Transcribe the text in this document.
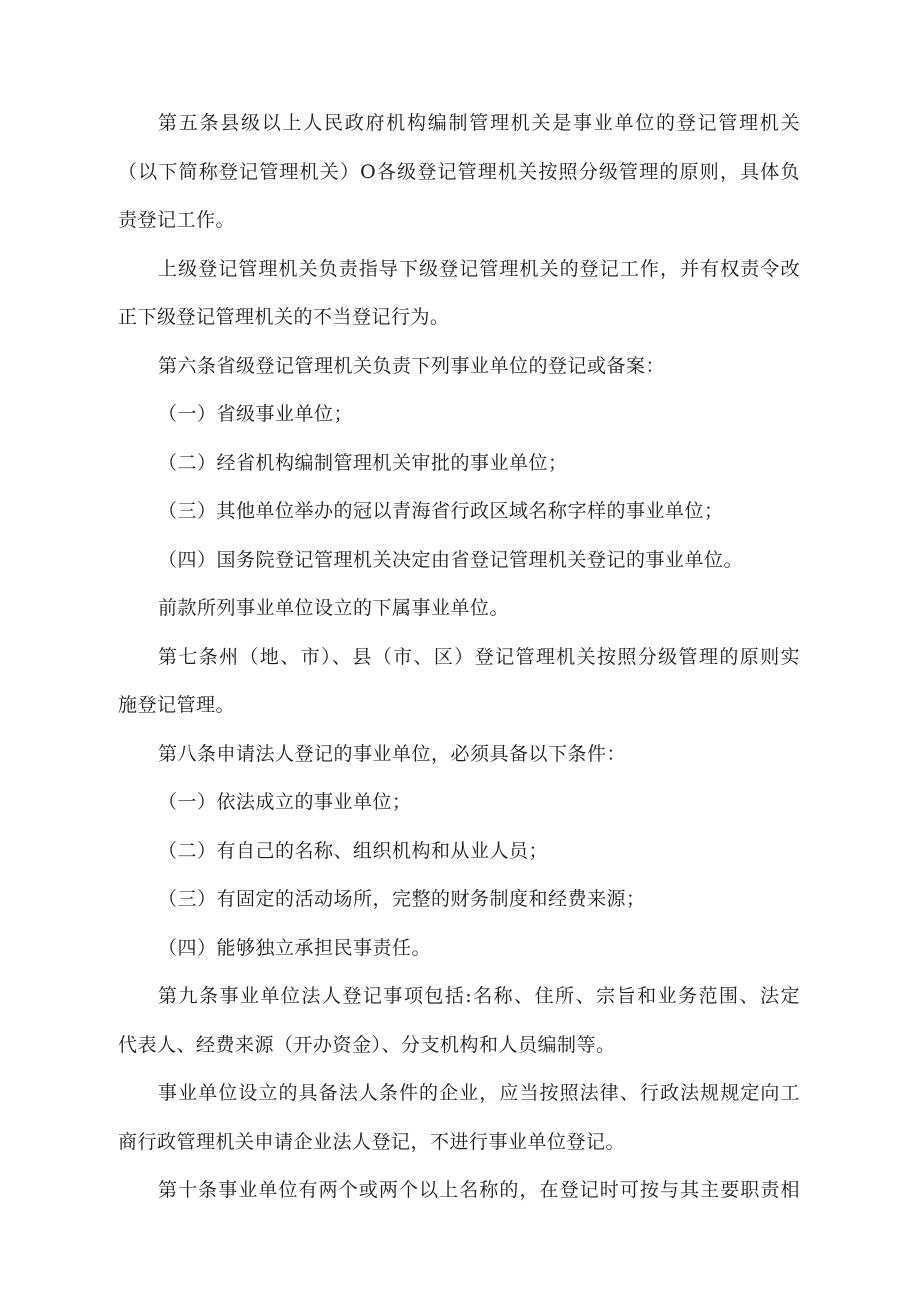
第五条县级以上人民政府机构编制管理机关是事业单位的登记管理机关
（以下简称登记管理机关）O各级登记管理机关按照分级管理的原则，具体负
责登记工作。
上级登记管理机关负责指导下级登记管理机关的登记工作，并有权责令改
正下级登记管理机关的不当登记行为。
第六条省级登记管理机关负责下列事业单位的登记或备案：
（一）省级事业单位；
（二）经省机构编制管理机关审批的事业单位；
（三）其他单位举办的冠以青海省行政区域名称字样的事业单位；
（四）国务院登记管理机关决定由省登记管理机关登记的事业单位。
前款所列事业单位设立的下属事业单位。
第七条州（地、市）、县（市、区）登记管理机关按照分级管理的原则实
施登记管理。
第八条申请法人登记的事业单位，必须具备以下条件：
（一）依法成立的事业单位；
（二）有自己的名称、组织机构和从业人员；
（三）有固定的活动场所，完整的财务制度和经费来源；
（四）能够独立承担民事责任。
第九条事业单位法人登记事项包括:名称、住所、宗旨和业务范围、法定
代表人、经费来源（开办资金）、分支机构和人员编制等。
事业单位设立的具备法人条件的企业，应当按照法律、行政法规规定向工
商行政管理机关申请企业法人登记，不进行事业单位登记。
第十条事业单位有两个或两个以上名称的，在登记时可按与其主要职责相
